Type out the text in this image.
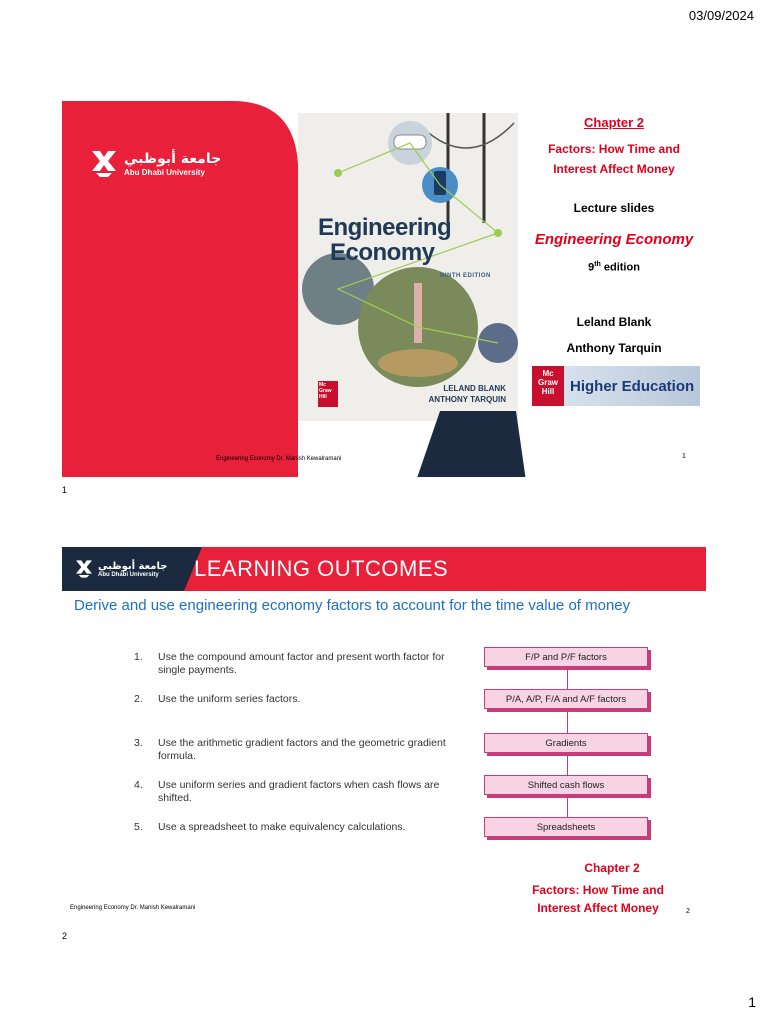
03/09/2024
جامعة أبوظبي
Abu Dhabi University
Engineering
Economy
NINTH EDITION
Mc Graw Hill
LELAND BLANK
ANTHONY TARQUIN
Chapter 2
Factors: How Time and
Interest Affect Money
Lecture slides
Engineering Economy
9th edition
Leland Blank
Anthony Tarquin
Mc Graw Hill	Higher Education
Engineering Economy Dr. Manish Kewalramani	1
1
جامعة أبوظبي
Abu Dhabi University	LEARNING OUTCOMES
Derive and use engineering economy factors to account for the time value of money
1.	Use the compound amount factor and present worth factor for single payments.
2.	Use the uniform series factors.
3.	Use the arithmetic gradient factors and the geometric gradient formula.
4.	Use uniform series and gradient factors when cash flows are shifted.
5.	Use a spreadsheet to make equivalency calculations.
F/P and P/F factors
P/A, A/P, F/A and A/F factors
Gradients
Shifted cash flows
Spreadsheets
Chapter 2
Factors: How Time and
Interest Affect Money
Engineering Economy Dr. Manish Kewalramani	2
2
1
